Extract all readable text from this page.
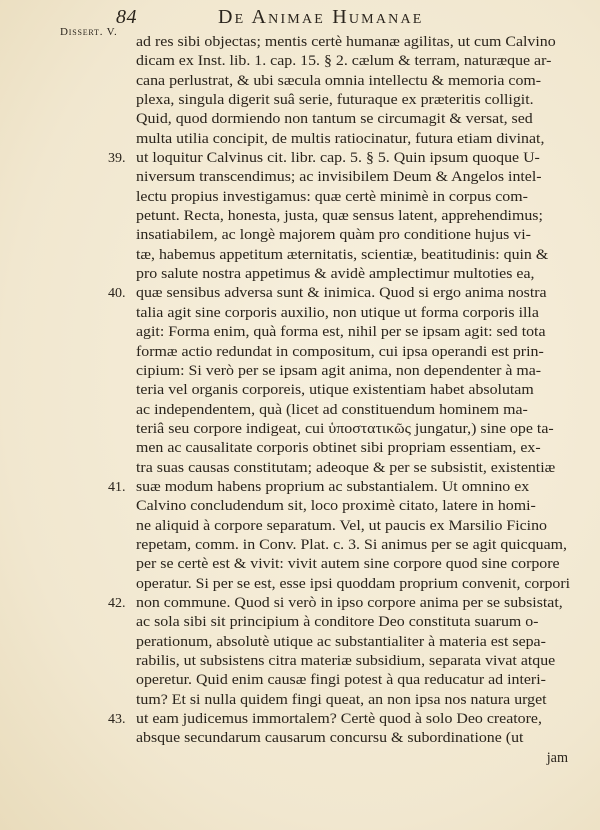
84	De Animae Humanae
Dissert. V.
ad res sibi objectas; mentis certè humanæ agilitas, ut cum Calvino
dicam ex Inst. lib. 1. cap. 15. § 2. cælum & terram, naturæque ar-
cana perlustrat, & ubi sæcula omnia intellectu & memoria com-
plexa, singula digerit suâ serie, futuraque ex præteritis colligit.
Quid, quod dormiendo non tantum se circumagit & versat, sed
multa utilia concipit, de multis ratiocinatur, futura etiam divinat,
39. ut loquitur Calvinus cit. libr. cap. 5. § 5. Quin ipsum quoque U-
niversum transcendimus; ac invisibilem Deum & Angelos intel-
lectu propius investigamus: quæ certè minimè in corpus com-
petunt. Recta, honesta, justa, quæ sensus latent, apprehendimus;
insatiabilem, ac longè majorem quàm pro conditione hujus vi-
tæ, habemus appetitum æternitatis, scientiæ, beatitudinis: quin &
pro salute nostra appetimus & avidè amplectimur multoties ea,
40. quæ sensibus adversa sunt & inimica. Quod si ergo anima nostra
talia agit sine corporis auxilio, non utique ut forma corporis illa
agit: Forma enim, quà forma est, nihil per se ipsam agit: sed tota
formæ actio redundat in compositum, cui ipsa operandi est prin-
cipium: Si verò per se ipsam agit anima, non dependenter à ma-
teria vel organis corporeis, utique existentiam habet absolutam
ac independentem, quà (licet ad constituendum hominem ma-
teriâ seu corpore indigeat, cui ὑποστατικῶς jungatur,) sine ope ta-
men ac causalitate corporis obtinet sibi propriam essentiam, ex-
tra suas causas constitutam; adeoque & per se subsistit, existentiæ
41. suæ modum habens proprium ac substantialem. Ut omnino ex
Calvino concludendum sit, loco proximè citato, latere in homi-
ne aliquid à corpore separatum. Vel, ut paucis ex Marsilio Ficino
repetam, comm. in Conv. Plat. c. 3. Si animus per se agit quicquam,
per se certè est & vivit: vivit autem sine corpore quod sine corpore
operatur. Si per se est, esse ipsi quoddam proprium convenit, corpori
42. non commune. Quod si verò in ipso corpore anima per se subsistat,
ac sola sibi sit principium à conditore Deo constituta suarum o-
perationum, absolutè utique ac substantialiter à materia est sepa-
rabilis, ut subsistens citra materiæ subsidium, separata vivat atque
operetur. Quid enim causæ fingi potest à qua reducatur ad interi-
tum? Et si nulla quidem fingi queat, an non ipsa nos natura urget
43. ut eam judicemus immortalem? Certè quod à solo Deo creatore,
absque secundarum causarum concursu & subordinatione (ut
jam
